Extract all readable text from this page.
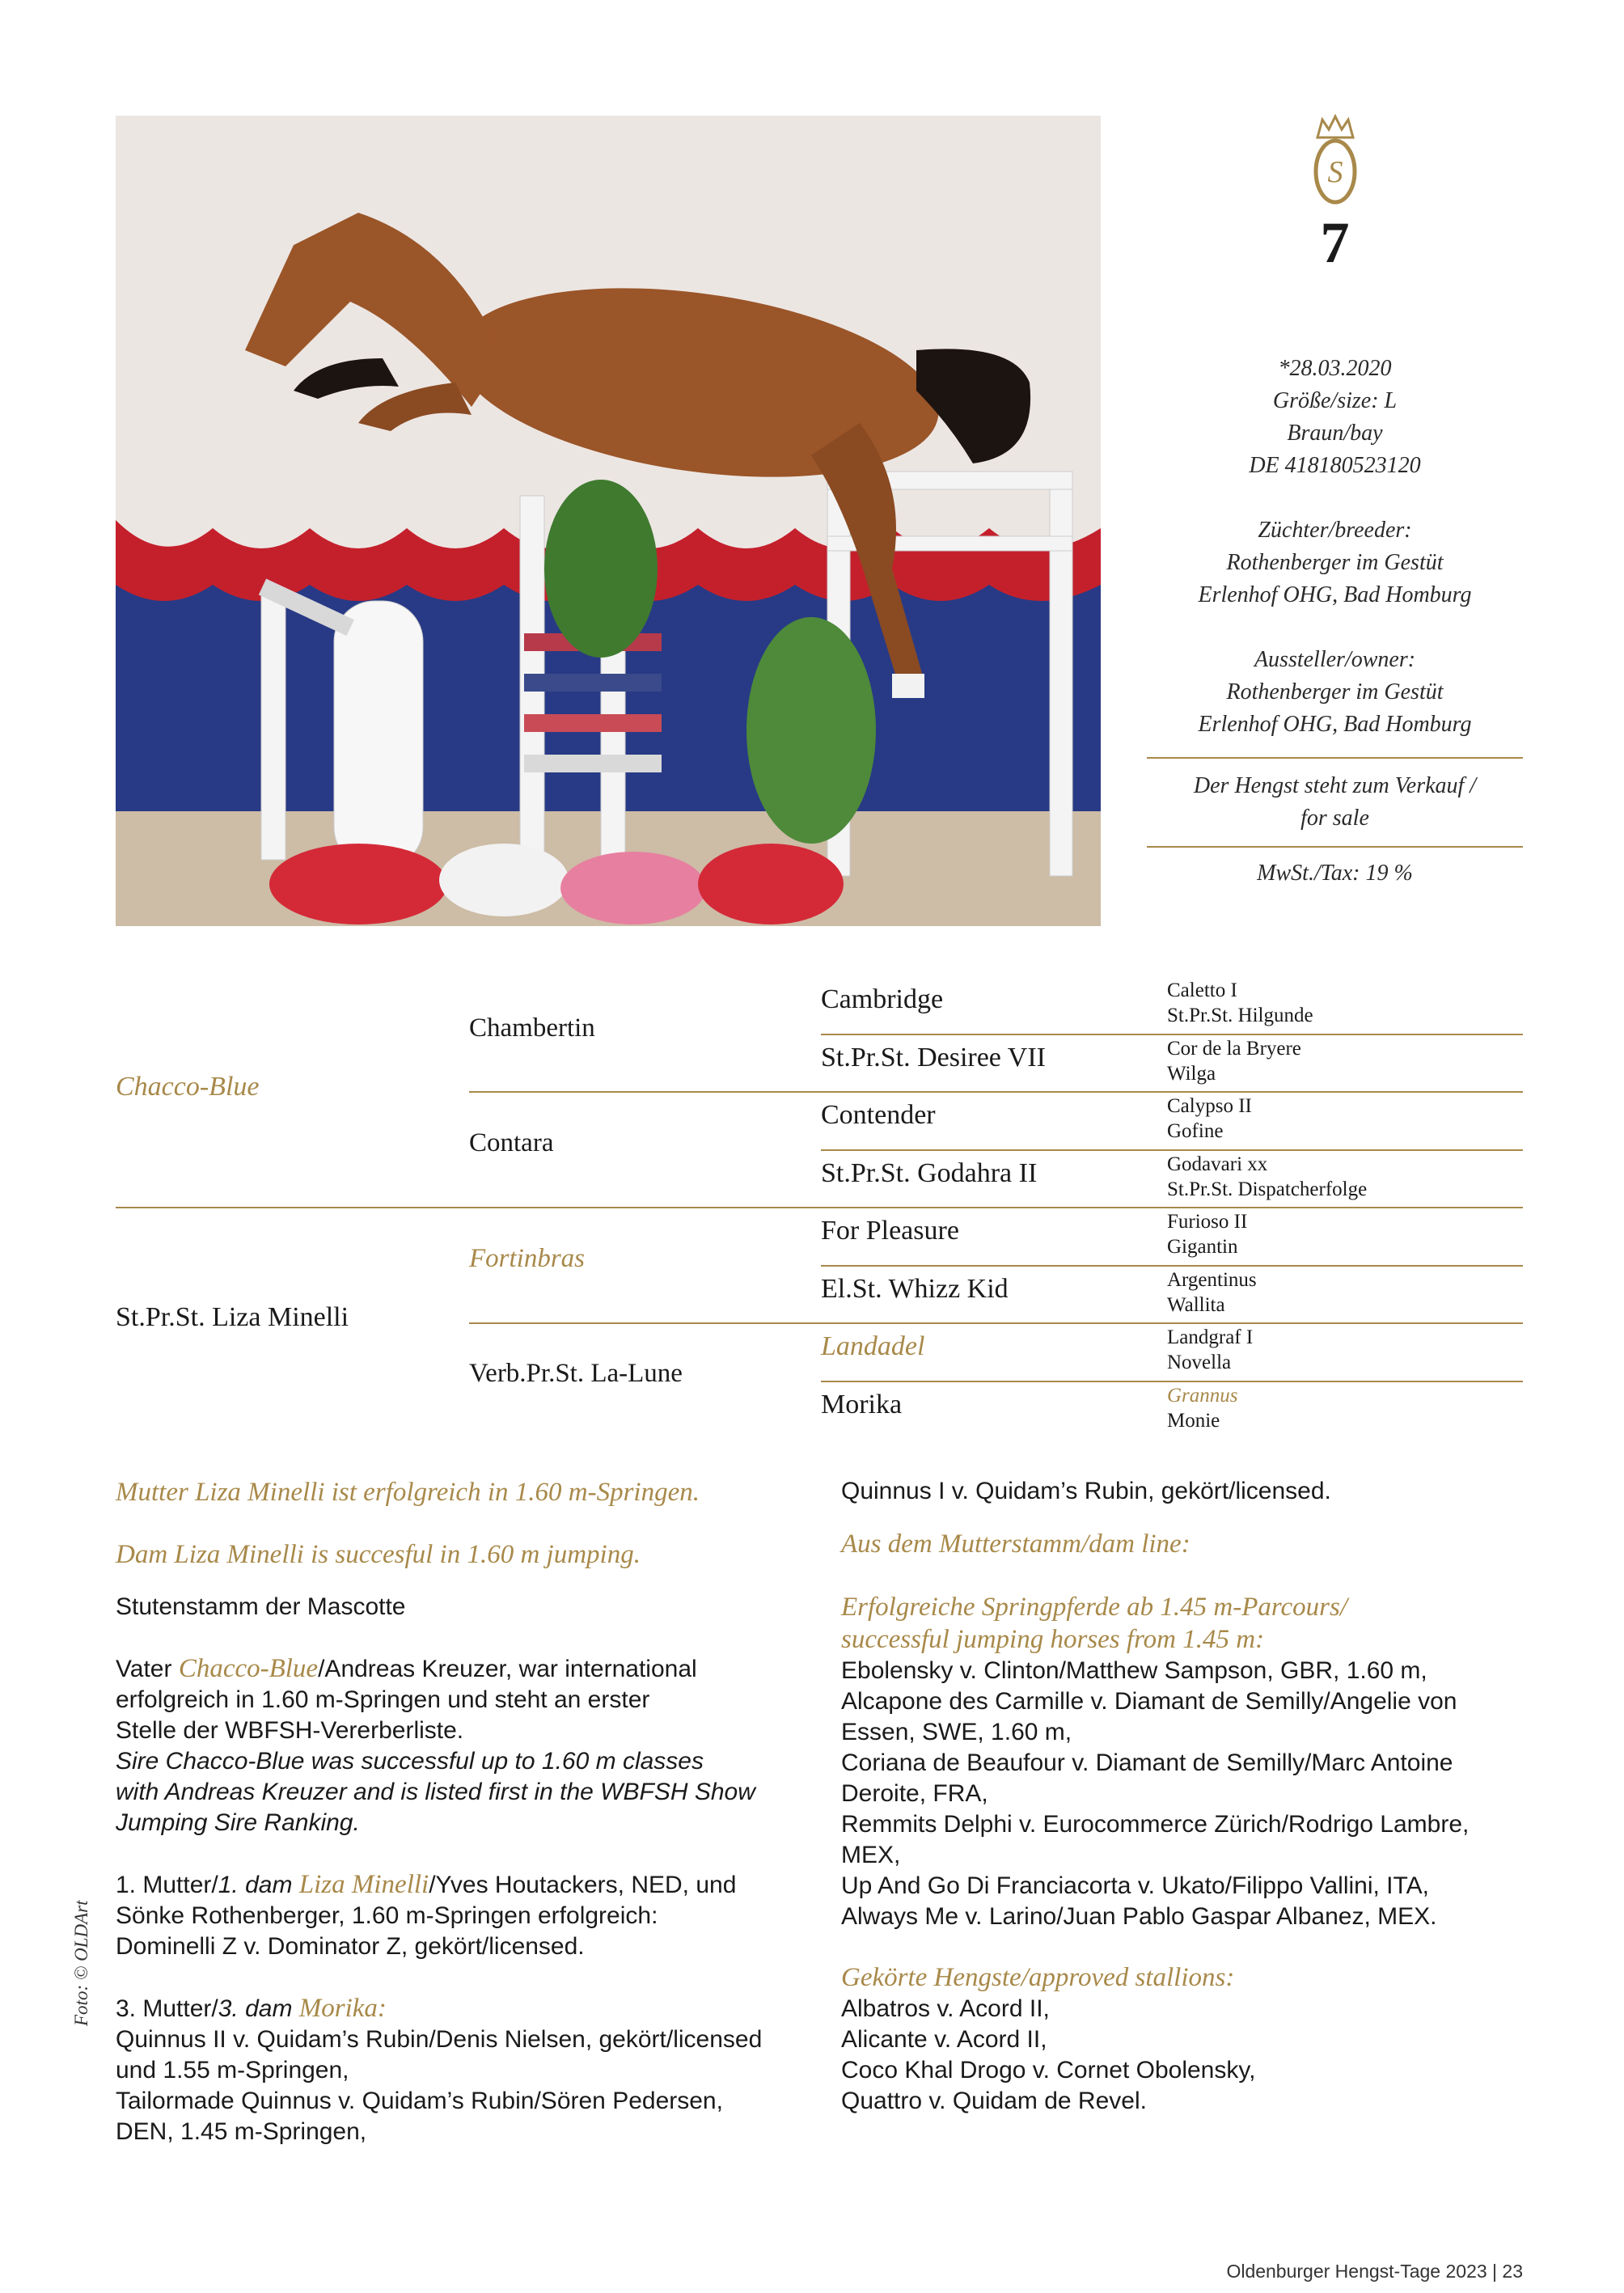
S
7
*28.03.2020
Größe/size: L
Braun/bay
DE 418180523120
Züchter/breeder:
Rothenberger im Gestüt
Erlenhof OHG, Bad Homburg
Aussteller/owner:
Rothenberger im Gestüt
Erlenhof OHG, Bad Homburg
Der Hengst steht zum Verkauf /
for sale
MwSt./Tax: 19 %
Chacco-Blue
St.Pr.St. Liza Minelli
Chambertin
Contara
Fortinbras
Verb.Pr.St. La-Lune
Cambridge
St.Pr.St. Desiree VII
Contender
St.Pr.St. Godahra II
For Pleasure
El.St. Whizz Kid
Landadel
Morika
Caletto I
St.Pr.St. Hilgunde
Cor de la Bryere
Wilga
Calypso II
Gofine
Godavari xx
St.Pr.St. Dispatcherfolge
Furioso II
Gigantin
Argentinus
Wallita
Landgraf I
Novella
Grannus
Monie

Mutter Liza Minelli ist erfolgreich in 1.60 m-Springen.

Dam Liza Minelli is succesful in 1.60 m jumping.

Stutenstamm der Mascotte

Vater Chacco-Blue/Andreas Kreuzer, war international

erfolgreich in 1.60 m-Springen und steht an erster

Stelle der WBFSH-Vererberliste.

Sire Chacco-Blue was successful up to 1.60 m classes

with Andreas Kreuzer and is listed first in the WBFSH Show

Jumping Sire Ranking.

1. Mutter/1. dam Liza Minelli/Yves Houtackers, NED, und

Sönke Rothenberger, 1.60 m-Springen erfolgreich:

Dominelli Z v. Dominator Z, gekört/licensed.

3. Mutter/3. dam Morika:

Quinnus II v. Quidam’s Rubin/Denis Nielsen, gekört/licensed

und 1.55 m-Springen,

Tailormade Quinnus v. Quidam’s Rubin/Sören Pedersen,

DEN, 1.45 m-Springen,

Quinnus I v. Quidam’s Rubin, gekört/licensed.

Aus dem Mutterstamm/dam line:

Erfolgreiche Springpferde ab 1.45 m-Parcours/

successful jumping horses from 1.45 m:

Ebolensky v. Clinton/Matthew Sampson, GBR, 1.60 m,

Alcapone des Carmille v. Diamant de Semilly/Angelie von

Essen, SWE, 1.60 m,

Coriana de Beaufour v. Diamant de Semilly/Marc Antoine

Deroite, FRA,

Remmits Delphi v. Eurocommerce Zürich/Rodrigo Lambre,

MEX,

Up And Go Di Franciacorta v. Ukato/Filippo Vallini, ITA,

Always Me v. Larino/Juan Pablo Gaspar Albanez, MEX.

Gekörte Hengste/approved stallions:

Albatros v. Acord II,

Alicante v. Acord II,

Coco Khal Drogo v. Cornet Obolensky,

Quattro v. Quidam de Revel.

Foto: © OLDArt
Oldenburger Hengst-Tage 2023 | 23
